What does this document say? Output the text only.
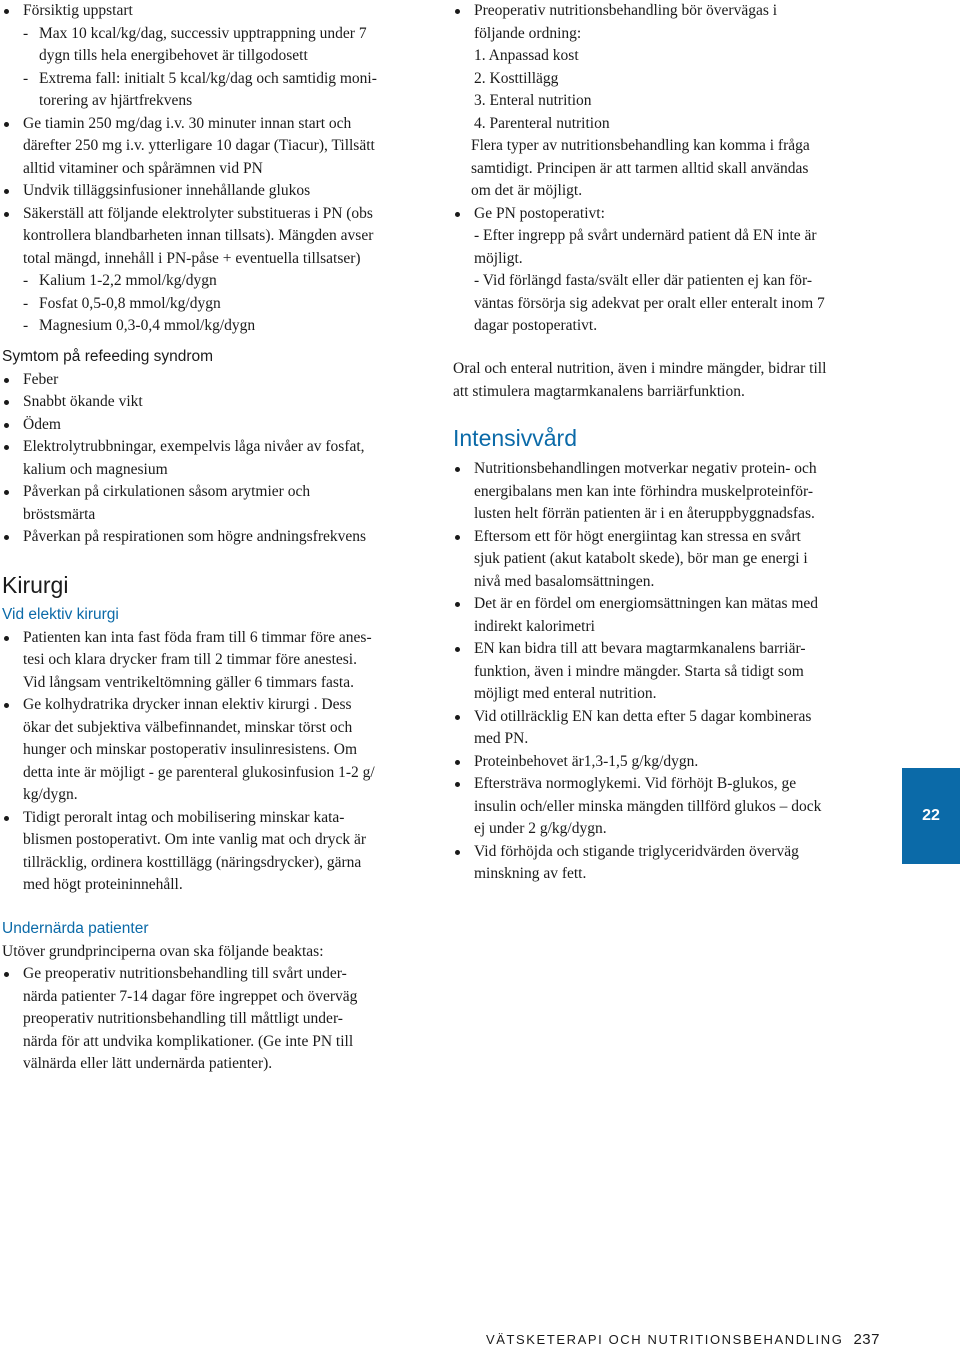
Försiktig uppstart
- Max 10 kcal/kg/dag, successiv upptrappning under 7
dygn tills hela energibehovet är tillgodosett
- Extrema fall: initialt 5 kcal/kg/dag och samtidig moni-
torering av hjärtfrekvens
Ge tiamin 250 mg/dag i.v. 30 minuter innan start och
därefter 250 mg i.v. ytterligare 10 dagar (Tiacur), Tillsätt
alltid vitaminer och spårämnen vid PN
Undvik tilläggsinfusioner innehållande glukos
Säkerställ att följande elektrolyter substitueras i PN (obs
kontrollera blandbarheten innan tillsats). Mängden avser
total mängd, innehåll i PN-påse + eventuella tillsatser)
- Kalium 1-2,2 mmol/kg/dygn
- Fosfat 0,5-0,8 mmol/kg/dygn
- Magnesium 0,3-0,4 mmol/kg/dygn
Symtom på refeeding syndrom
Feber
Snabbt ökande vikt
Ödem
Elektrolytrubbningar, exempelvis låga nivåer av fosfat,
kalium och magnesium
Påverkan på cirkulationen såsom arytmier och
bröstsmärta
Påverkan på respirationen som högre andningsfrekvens
Kirurgi
Vid elektiv kirurgi
Patienten kan inta fast föda fram till 6 timmar före anes-
tesi och klara drycker fram till 2 timmar före anestesi.
Vid långsam ventrikeltömning gäller 6 timmars fasta.
Ge kolhydratrika drycker innan elektiv kirurgi . Dess
ökar det subjektiva välbefinnandet, minskar törst och
hunger och minskar postoperativ insulinresistens. Om
detta inte är möjligt - ge parenteral glukosinfusion 1-2 g/
kg/dygn.
Tidigt peroralt intag och mobilisering minskar kata-
blismen postoperativt. Om inte vanlig mat och dryck är
tillräcklig, ordinera kosttillägg (näringsdrycker), gärna
med högt proteininnehåll.
Undernärda patienter
Utöver grundprinciperna ovan ska följande beaktas:
Ge preoperativ nutritionsbehandling till svårt under-
närda patienter 7-14 dagar före ingreppet och överväg
preoperativ nutritionsbehandling till måttligt under-
närda för att undvika komplikationer. (Ge inte PN till
välnärda eller lätt undernärda patienter).
Preoperativ nutritionsbehandling bör övervägas i
följande ordning:
1. Anpassad kost
2. Kosttillägg
3. Enteral nutrition
4. Parenteral nutrition
Flera typer av nutritionsbehandling kan komma i fråga
samtidigt. Principen är att tarmen alltid skall användas
om det är möjligt.
Ge PN postoperativt:
- Efter ingrepp på svårt undernärd patient då EN inte är
möjligt.
- Vid förlängd fasta/svält eller där patienten ej kan för-
väntas försörja sig adekvat per oralt eller enteralt inom 7
dagar postoperativt.
Oral och enteral nutrition, även i mindre mängder, bidrar till
att stimulera magtarmkanalens barriärfunktion.
Intensivvård
Nutritionsbehandlingen motverkar negativ protein- och
energibalans men kan inte förhindra muskelproteinför-
lusten helt förrän patienten är i en återuppbyggnadsfas.
Eftersom ett för högt energiintag kan stressa en svårt
sjuk patient (akut katabolt skede), bör man ge energi i
nivå med basalomsättningen.
Det är en fördel om energiomsättningen kan mätas med
indirekt kalorimetri
EN kan bidra till att bevara magtarmkanalens barriär-
funktion, även i mindre mängder. Starta så tidigt som
möjligt med enteral nutrition.
Vid otillräcklig EN kan detta efter 5 dagar kombineras
med PN.
Proteinbehovet är1,3-1,5 g/kg/dygn.
Eftersträva normoglykemi. Vid förhöjt B-glukos, ge
insulin och/eller minska mängden tillförd glukos – dock
ej under 2 g/kg/dygn.
Vid förhöjda och stigande triglyceridvärden överväg
minskning av fett.
22
VÄTSKETERAPI OCH NUTRITIONSBEHANDLING 237
